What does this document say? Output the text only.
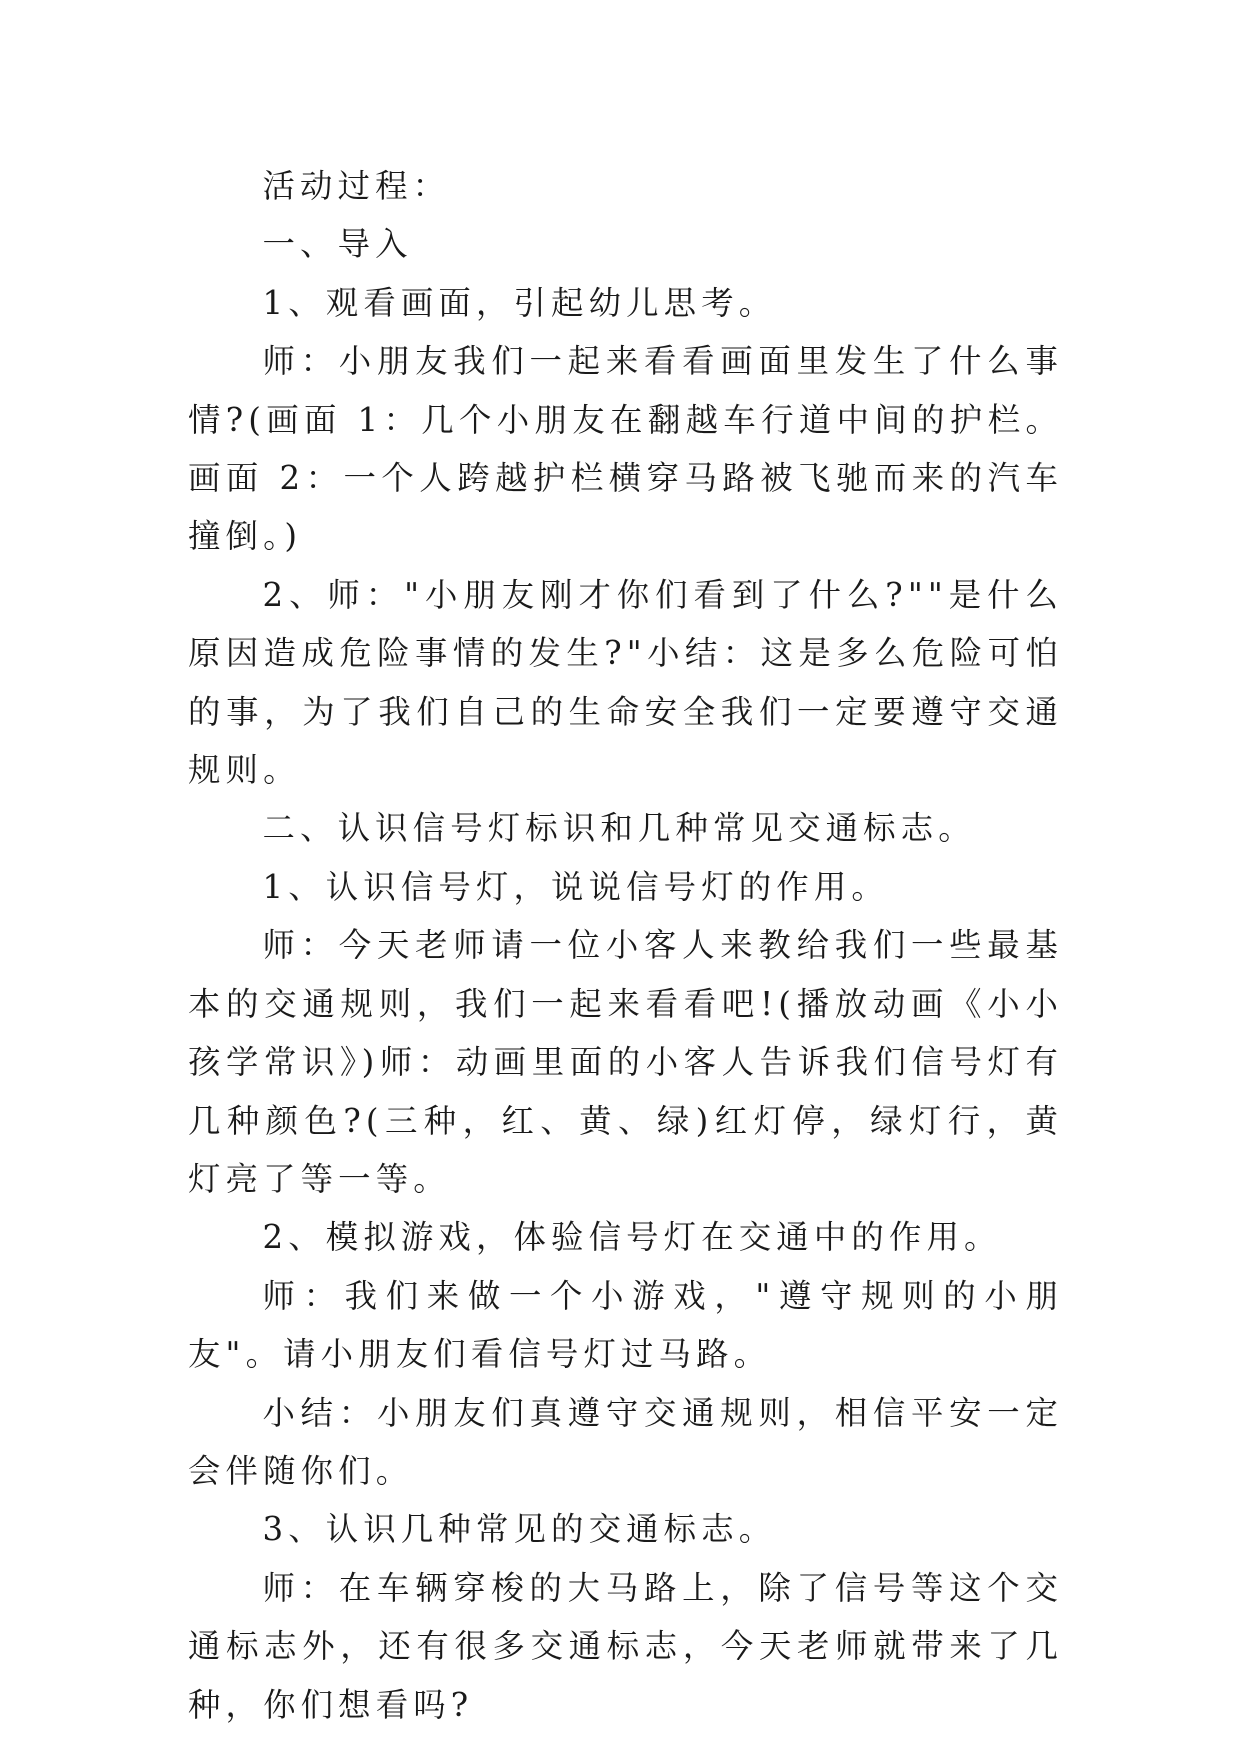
活动过程：

一、导入

1、观看画面，引起幼儿思考。

师：小朋友我们一起来看看画面里发生了什么事情?(画面 1：几个小朋友在翻越车行道中间的护栏。画面 2：一个人跨越护栏横穿马路被飞驰而来的汽车撞倒。)

2、师："小朋友刚才你们看到了什么?""是什么原因造成危险事情的发生?"小结：这是多么危险可怕的事，为了我们自己的生命安全我们一定要遵守交通规则。

二、认识信号灯标识和几种常见交通标志。

1、认识信号灯，说说信号灯的作用。

师：今天老师请一位小客人来教给我们一些最基本的交通规则，我们一起来看看吧!(播放动画《小小孩学常识》)师：动画里面的小客人告诉我们信号灯有几种颜色?(三种，红、黄、绿)红灯停，绿灯行，黄灯亮了等一等。

2、模拟游戏，体验信号灯在交通中的作用。

师：我们来做一个小游戏，"遵守规则的小朋友"。请小朋友们看信号灯过马路。

小结：小朋友们真遵守交通规则，相信平安一定会伴随你们。

3、认识几种常见的交通标志。

师：在车辆穿梭的大马路上，除了信号等这个交通标志外，还有很多交通标志，今天老师就带来了几种，你们想看吗?
